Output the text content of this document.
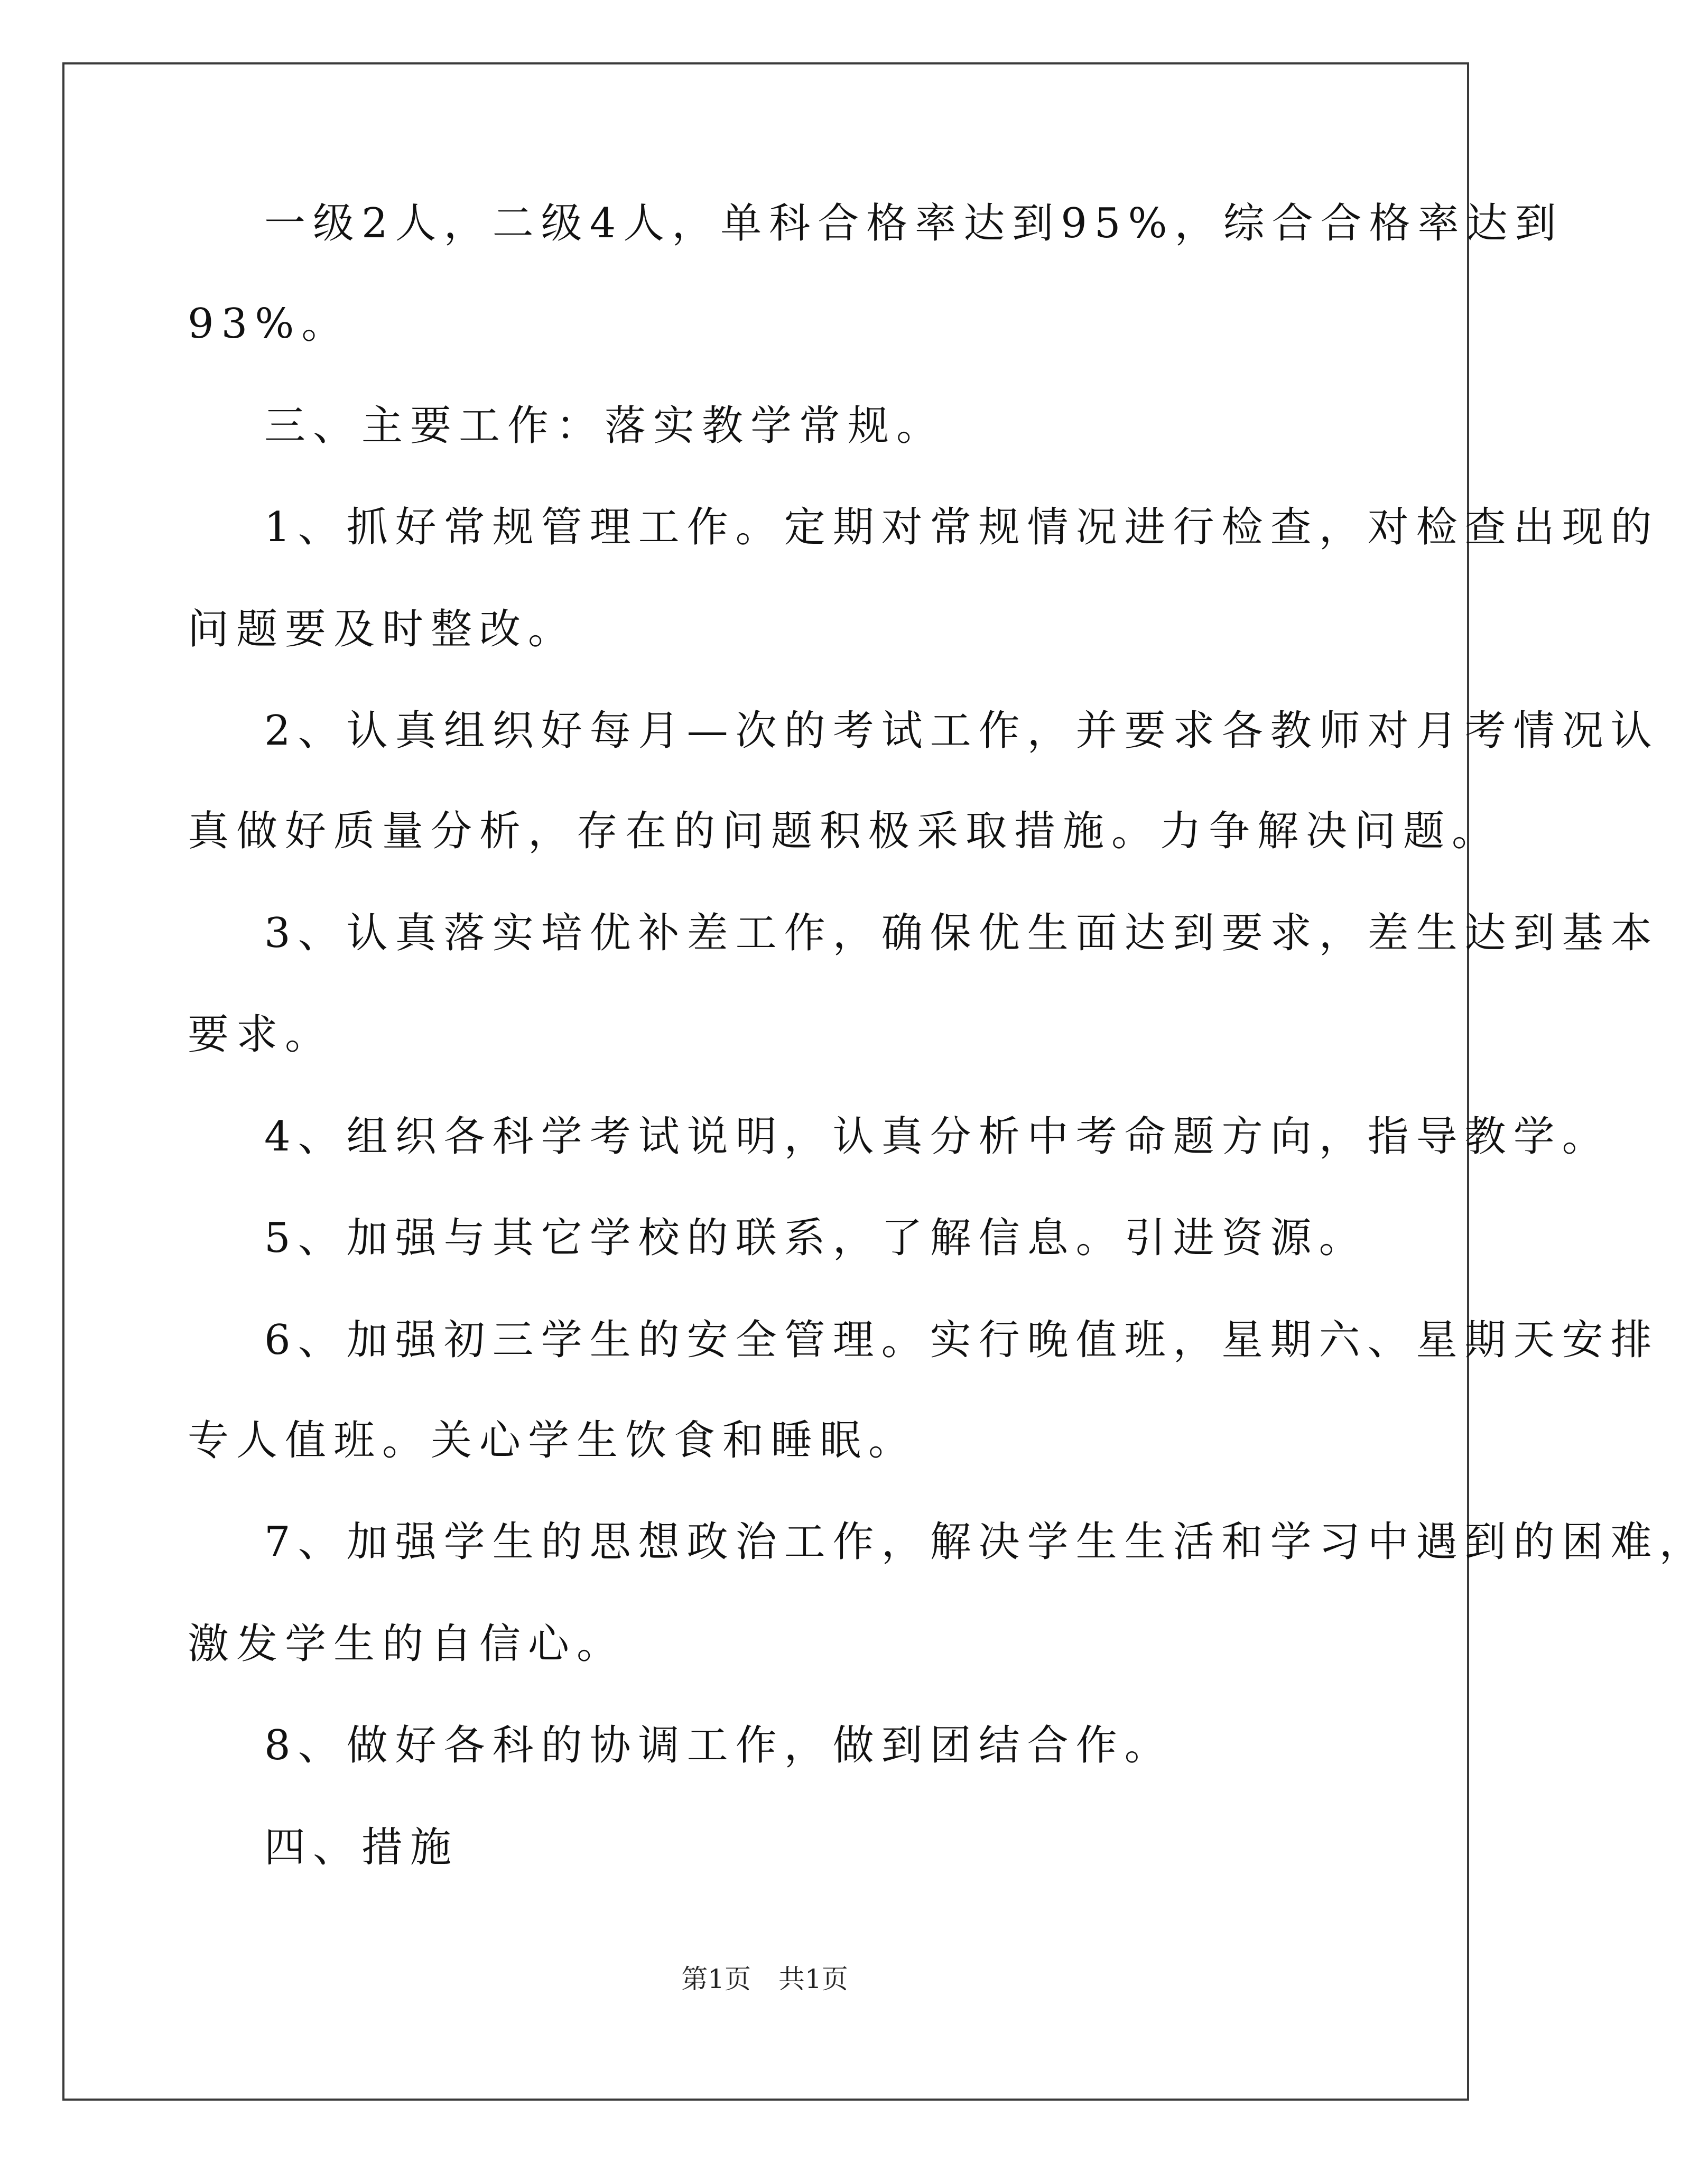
一级2人，二级4人，单科合格率达到95%，综合合格率达到
93%。
三、主要工作：落实教学常规。
1、抓好常规管理工作。定期对常规情况进行检查，对检查出现的
问题要及时整改。
2、认真组织好每月—次的考试工作，并要求各教师对月考情况认
真做好质量分析，存在的问题积极采取措施。力争解决问题。
3、认真落实培优补差工作，确保优生面达到要求，差生达到基本
要求。
4、组织各科学考试说明，认真分析中考命题方向，指导教学。
5、加强与其它学校的联系，了解信息。引进资源。
6、加强初三学生的安全管理。实行晚值班，星期六、星期天安排
专人值班。关心学生饮食和睡眠。
7、加强学生的思想政治工作，解决学生生活和学习中遇到的困难，
激发学生的自信心。
8、做好各科的协调工作，做到团结合作。
四、措施
第1页 共1页
